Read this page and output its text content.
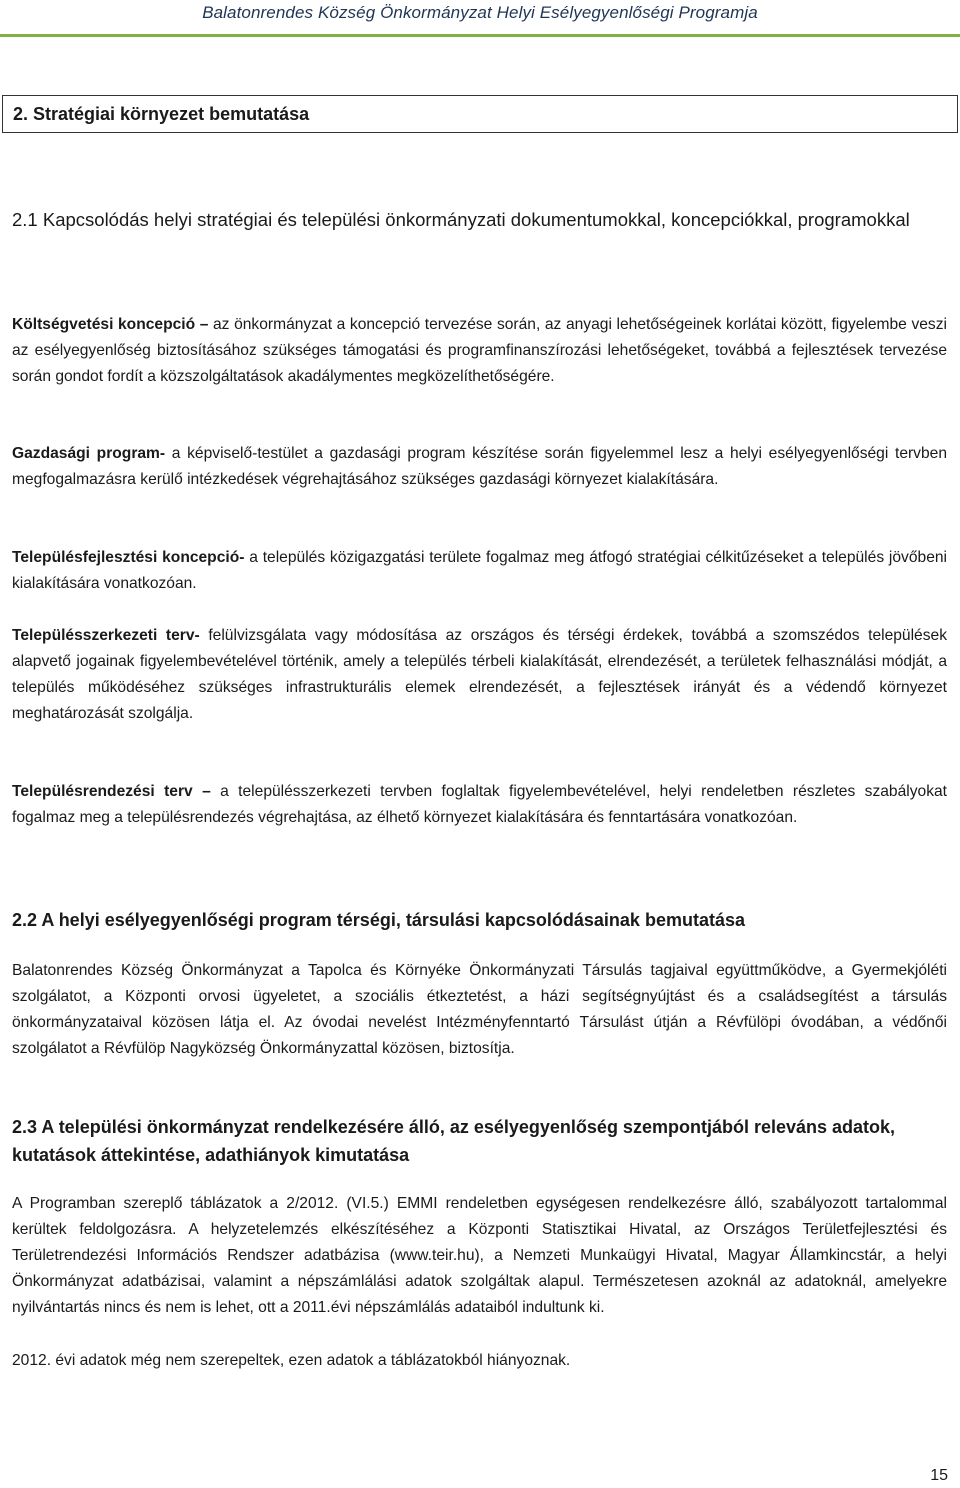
Balatonrendes Község Önkormányzat Helyi Esélyegyenlőségi Programja
2. Stratégiai környezet bemutatása
2.1 Kapcsolódás helyi stratégiai és települési önkormányzati dokumentumokkal, koncepciókkal, programokkal
Költségvetési koncepció – az önkormányzat a koncepció tervezése során, az anyagi lehetőségeinek korlátai között, figyelembe veszi az esélyegyenlőség biztosításához szükséges támogatási és programfinanszírozási lehetőségeket, továbbá a fejlesztések tervezése során gondot fordít a közszolgáltatások akadálymentes megközelíthetőségére.
Gazdasági program- a képviselő-testület a gazdasági program készítése során figyelemmel lesz a helyi esélyegyenlőségi tervben megfogalmazásra kerülő intézkedések végrehajtásához szükséges gazdasági környezet kialakítására.
Településfejlesztési koncepció- a település közigazgatási területe fogalmaz meg átfogó stratégiai célkitűzéseket a település jövőbeni kialakítására vonatkozóan.
Településszerkezeti terv- felülvizsgálata vagy módosítása az országos és térségi érdekek, továbbá a szomszédos települések alapvető jogainak figyelembevételével történik, amely a település térbeli kialakítását, elrendezését, a területek felhasználási módját, a település működéséhez szükséges infrastrukturális elemek elrendezését, a fejlesztések irányát és a védendő környezet meghatározását szolgálja.
Településrendezési terv – a településszerkezeti tervben foglaltak figyelembevételével, helyi rendeletben részletes szabályokat fogalmaz meg a településrendezés végrehajtása, az élhető környezet kialakítására és fenntartására vonatkozóan.
2.2 A helyi esélyegyenlőségi program térségi, társulási kapcsolódásainak bemutatása
Balatonrendes Község Önkormányzat a Tapolca és Környéke Önkormányzati Társulás tagjaival együttműködve, a Gyermekjóléti szolgálatot, a Központi orvosi ügyeletet, a szociális étkeztetést, a házi segítségnyújtást és a családsegítést a társulás önkormányzataival közösen látja el. Az óvodai nevelést Intézményfenntartó Társulást útján a Révfülöpi óvodában, a védőnői szolgálatot a Révfülöp Nagyközség Önkormányzattal közösen, biztosítja.
2.3 A települési önkormányzat rendelkezésére álló, az esélyegyenlőség szempontjából releváns adatok, kutatások áttekintése, adathiányok kimutatása
A Programban szereplő táblázatok a 2/2012. (VI.5.) EMMI rendeletben egységesen rendelkezésre álló, szabályozott tartalommal kerültek feldolgozásra. A helyzetelemzés elkészítéséhez a Központi Statisztikai Hivatal, az Országos Területfejlesztési és Területrendezési Információs Rendszer adatbázisa (www.teir.hu), a Nemzeti Munkaügyi Hivatal, Magyar Államkincstár, a helyi Önkormányzat adatbázisai, valamint a népszámlálási adatok szolgáltak alapul. Természetesen azoknál az adatoknál, amelyekre nyilvántartás nincs és nem is lehet, ott a 2011.évi népszámlálás adataiból indultunk ki.
2012. évi adatok még nem szerepeltek, ezen adatok a táblázatokból hiányoznak.
15
